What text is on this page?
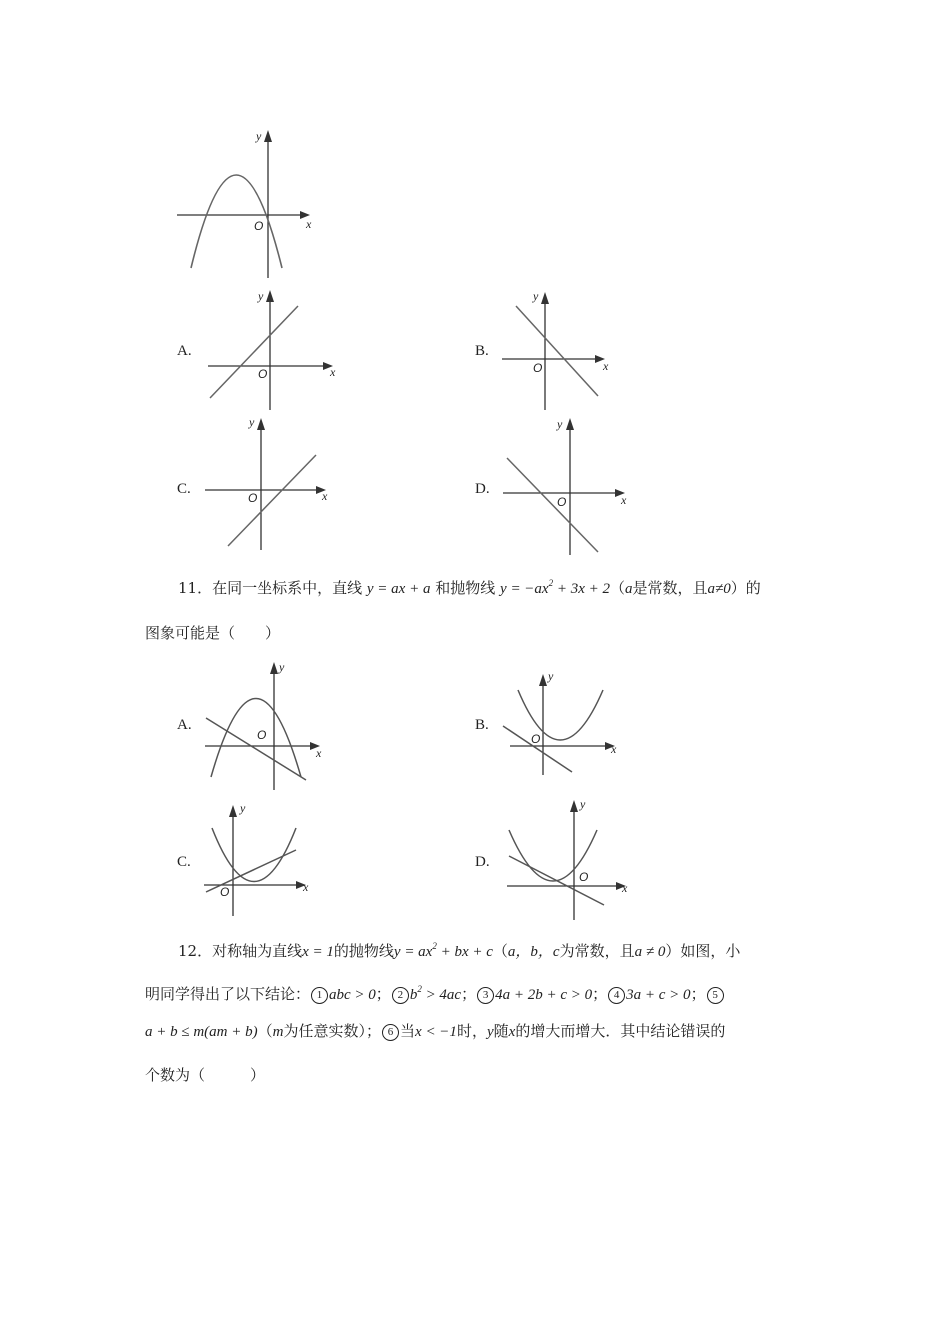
x
y
O
A.
x
y
O
B.
x
y
O
C.	x
y
O
D.
x
y
O
11．在同一坐标系中，直线 y = ax + a 和抛物线 $y = -ax^2 + 3x + 2(a$是常数，且a≠0）的
图象可能是（　　）
A.
x
y
O
B.
x
y
O
C.
x
y
O
D.
x
y
O
12．对称轴为直线x = 1的抛物线$y = ax^2$ + bx + c（a，b，c为常数，且a ≠ 0）如图，小
明同学得出了以下结论： 1 abc > 0； 2 $b^2 > 4ac$； 3 4a + 2b + c > 0； 4 3a + c > 0； 5
a + b ≤ m(am + b)（m为任意实数）； 6 当x < −1时，y随x的增大而增大．其中结论错误的
个数为（　　　）
